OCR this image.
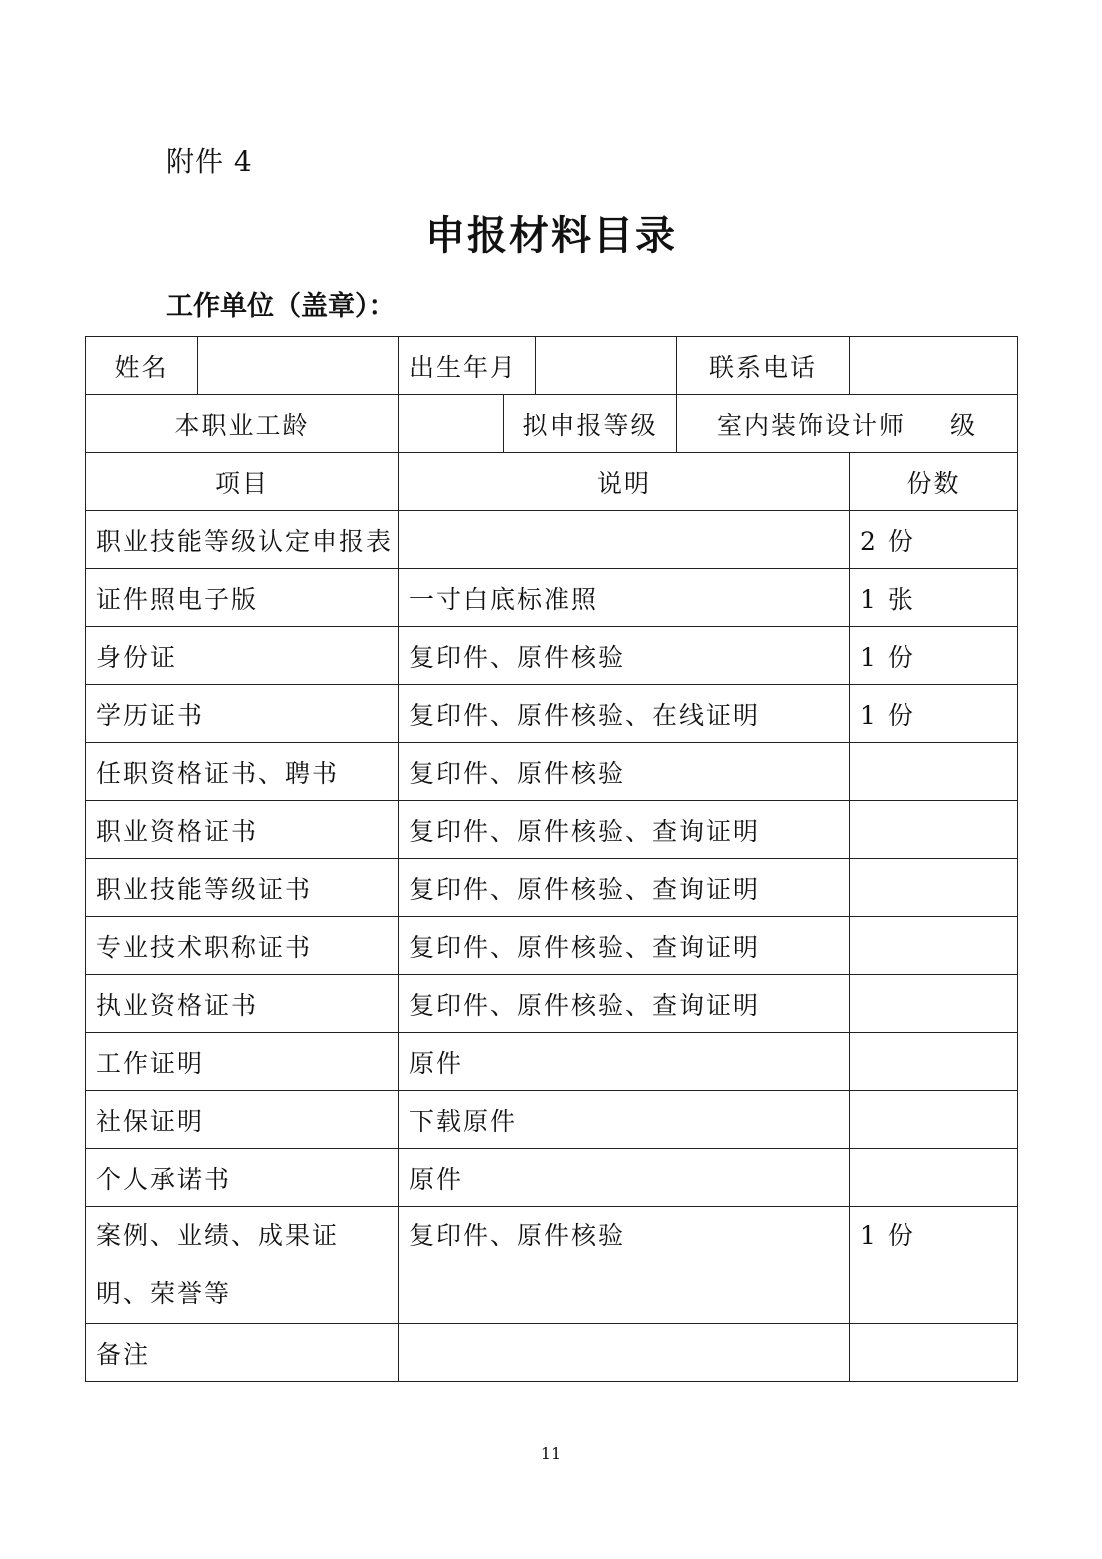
附件 4
申报材料目录
工作单位（盖章）：
姓名		出生年月			联系电话	
本职业工龄			拟申报等级		室内装饰设计师 级	
项目		说明				份数
职业技能等级认定申报表						2 份
证件照电子版		一寸白底标准照				1 张
身份证		复印件、原件核验				1 份
学历证书		复印件、原件核验、在线证明				1 份
任职资格证书、聘书		复印件、原件核验				
职业资格证书		复印件、原件核验、查询证明				
职业技能等级证书		复印件、原件核验、查询证明				
专业技术职称证书		复印件、原件核验、查询证明				
执业资格证书		复印件、原件核验、查询证明				
工作证明		原件				
社保证明		下载原件				
个人承诺书		原件				
案例、业绩、成果证明、荣誉等		复印件、原件核验				1 份
备注						
11
